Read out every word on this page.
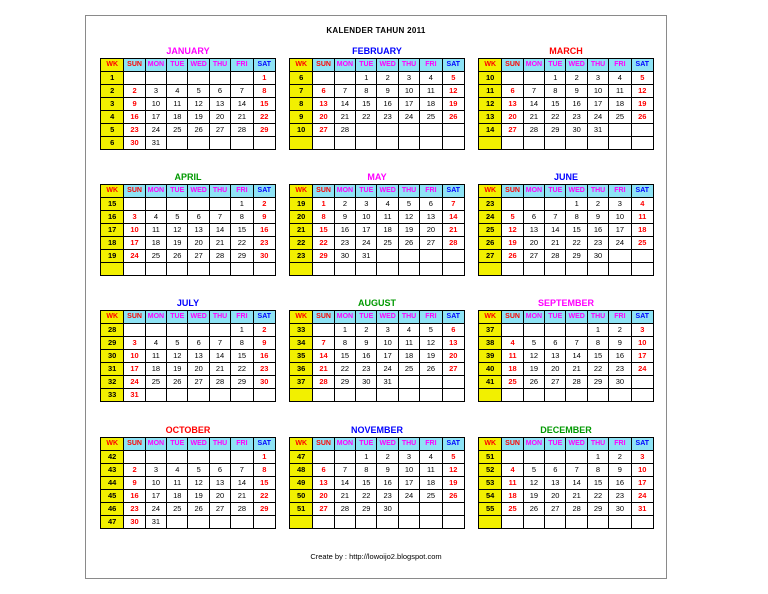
KALENDER TAHUN 2011
JANUARY
WK	SUN	MON	TUE	WED	THU	FRI	SAT
1							1
2	2	3	4	5	6	7	8
3	9	10	11	12	13	14	15
4	16	17	18	19	20	21	22
5	23	24	25	26	27	28	29
6	30	31					
FEBRUARY
WK	SUN	MON	TUE	WED	THU	FRI	SAT
6			1	2	3	4	5
7	6	7	8	9	10	11	12
8	13	14	15	16	17	18	19
9	20	21	22	23	24	25	26
10	27	28					

MARCH
WK	SUN	MON	TUE	WED	THU	FRI	SAT
10			1	2	3	4	5
11	6	7	8	9	10	11	12
12	13	14	15	16	17	18	19
13	20	21	22	23	24	25	26
14	27	28	29	30	31		

APRIL
WK	SUN	MON	TUE	WED	THU	FRI	SAT
15						1	2
16	3	4	5	6	7	8	9
17	10	11	12	13	14	15	16
18	17	18	19	20	21	22	23
19	24	25	26	27	28	29	30

MAY
WK	SUN	MON	TUE	WED	THU	FRI	SAT
19	1	2	3	4	5	6	7
20	8	9	10	11	12	13	14
21	15	16	17	18	19	20	21
22	22	23	24	25	26	27	28
23	29	30	31				

JUNE
WK	SUN	MON	TUE	WED	THU	FRI	SAT
23				1	2	3	4
24	5	6	7	8	9	10	11
25	12	13	14	15	16	17	18
26	19	20	21	22	23	24	25
27	26	27	28	29	30		

JULY
WK	SUN	MON	TUE	WED	THU	FRI	SAT
28						1	2
29	3	4	5	6	7	8	9
30	10	11	12	13	14	15	16
31	17	18	19	20	21	22	23
32	24	25	26	27	28	29	30
33	31						
AUGUST
WK	SUN	MON	TUE	WED	THU	FRI	SAT
33		1	2	3	4	5	6
34	7	8	9	10	11	12	13
35	14	15	16	17	18	19	20
36	21	22	23	24	25	26	27
37	28	29	30	31			

SEPTEMBER
WK	SUN	MON	TUE	WED	THU	FRI	SAT
37					1	2	3
38	4	5	6	7	8	9	10
39	11	12	13	14	15	16	17
40	18	19	20	21	22	23	24
41	25	26	27	28	29	30	

OCTOBER
WK	SUN	MON	TUE	WED	THU	FRI	SAT
42							1
43	2	3	4	5	6	7	8
44	9	10	11	12	13	14	15
45	16	17	18	19	20	21	22
46	23	24	25	26	27	28	29
47	30	31					
NOVEMBER
WK	SUN	MON	TUE	WED	THU	FRI	SAT
47			1	2	3	4	5
48	6	7	8	9	10	11	12
49	13	14	15	16	17	18	19
50	20	21	22	23	24	25	26
51	27	28	29	30			

DECEMBER
WK	SUN	MON	TUE	WED	THU	FRI	SAT
51					1	2	3
52	4	5	6	7	8	9	10
53	11	12	13	14	15	16	17
54	18	19	20	21	22	23	24
55	25	26	27	28	29	30	31

Create by : http://lowoijo2.blogspot.com
